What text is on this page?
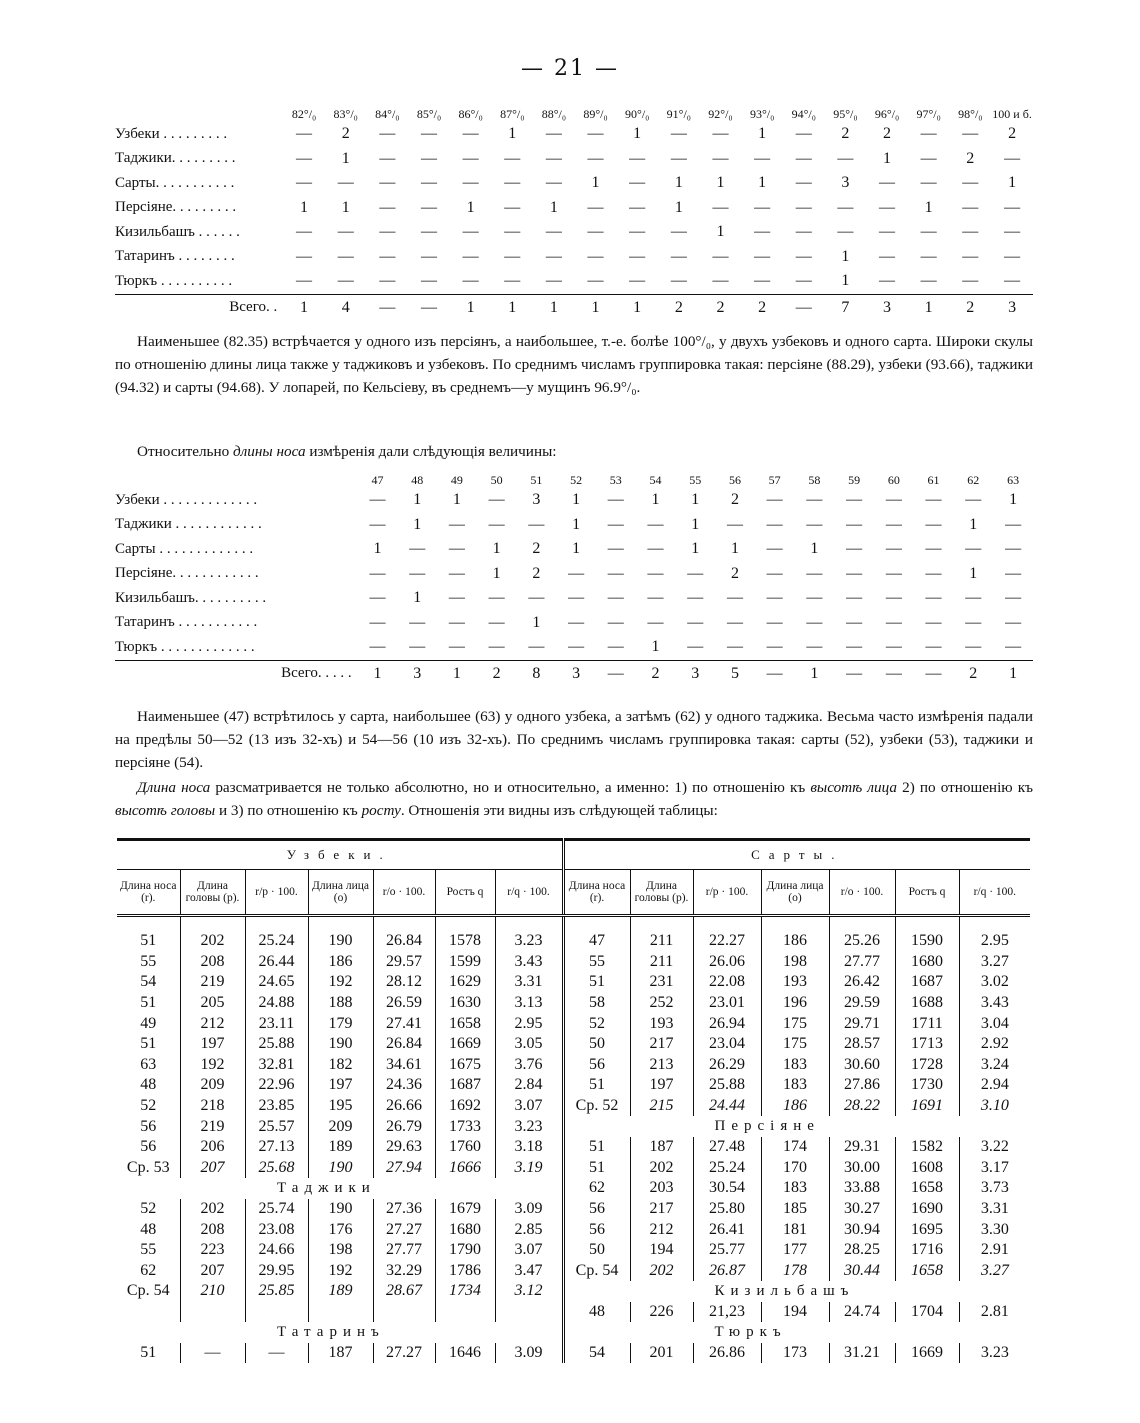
— 21 —
	82°/₀	83°/₀	84°/₀	85°/₀	86°/₀	87°/₀	88°/₀	89°/₀	90°/₀	91°/₀	92°/₀	93°/₀	94°/₀	95°/₀	96°/₀	97°/₀	98°/₀	100 и б.
Узбеки . . . . . . . . .	—	2	—	—	—	1	—	—	1	—	—	1	—	2	2	—	—	2
Таджики. . . . . . . . .	—	1	—	—	—	—	—	—	—	—	—	—	—	—	1	—	2	—
Сарты. . . . . . . . . . .	—	—	—	—	—	—	—	1	—	1	1	1	—	3	—	—	—	1
Персіяне. . . . . . . . .	1	1	—	—	1	—	1	—	—	1	—	—	—	—	—	1	—	—
Кизильбашъ . . . . . .	—	—	—	—	—	—	—	—	—	—	1	—	—	—	—	—	—	—
Татаринъ . . . . . . . .	—	—	—	—	—	—	—	—	—	—	—	—	—	1	—	—	—	—
Тюркъ . . . . . . . . . .	—	—	—	—	—	—	—	—	—	—	—	—	—	1	—	—	—	—
Всего. .	1	4	—	—	1	1	1	1	1	2	2	2	—	7	3	1	2	3
Наименьшее (82.35) встрѣчается у одного изъ персіянъ, а наибольшее, т.-е. болѣе 100°/₀, у двухъ узбековъ и одного сарта. Широки скулы по отношенію длины лица также у таджиковъ и узбековъ. По среднимъ числамъ группировка такая: персіяне (88.29), узбеки (93.66), таджики (94.32) и сарты (94.68). У лопарей, по Кельсіеву, въ среднемъ—у мущинъ 96.9°/₀.
Относительно длины носа измѣренія дали слѣдующія величины:
	47	48	49	50	51	52	53	54	55	56	57	58	59	60	61	62	63
Узбеки . . . . . . . . . . . . .	—	1	1	—	3	1	—	1	1	2	—	—	—	—	—	—	1
Таджики . . . . . . . . . . . .	—	1	—	—	—	1	—	—	1	—	—	—	—	—	—	1	—
Сарты . . . . . . . . . . . . .	1	—	—	1	2	1	—	—	1	1	—	1	—	—	—	—	—
Персіяне. . . . . . . . . . . .	—	—	—	1	2	—	—	—	—	2	—	—	—	—	—	1	—
Кизильбашъ. . . . . . . . . .	—	1	—	—	—	—	—	—	—	—	—	—	—	—	—	—	—
Татаринъ . . . . . . . . . . .	—	—	—	—	1	—	—	—	—	—	—	—	—	—	—	—	—
Тюркъ . . . . . . . . . . . . .	—	—	—	—	—	—	—	1	—	—	—	—	—	—	—	—	—
Всего. . . . .	1	3	1	2	8	3	—	2	3	5	—	1	—	—	—	2	1
Наименьшее (47) встрѣтилось у сарта, наибольшее (63) у одного узбека, а затѣмъ (62) у одного таджика. Весьма часто измѣренія падали на предѣлы 50—52 (13 изъ 32-хъ) и 54—56 (10 изъ 32-хъ). По среднимъ числамъ группировка такая: сарты (52), узбеки (53), таджики и персіяне (54).
Длина носа разсматривается не только абсолютно, но и относительно, а именно: 1) по отношенію къ высотѣ лица 2) по отношенію къ высотѣ головы и 3) по отношенію къ росту. Отношенія эти видны изъ слѣдующей таблицы:
Узбеки.							Сарты.						
Длина носа (r).	Длина головы (p).	r/p · 100.	Длина лица (o)	r/o · 100.	Ростъ q	r/q · 100.	Длина носа (r).	Длина головы (p).	r/p · 100.	Длина лица (o)	r/o · 100.	Ростъ q	r/q · 100.

51	202	25.24	190	26.84	1578	3.23	47	211	22.27	186	25.26	1590	2.95
55	208	26.44	186	29.57	1599	3.43	55	211	26.06	198	27.77	1680	3.27
54	219	24.65	192	28.12	1629	3.31	51	231	22.08	193	26.42	1687	3.02
51	205	24.88	188	26.59	1630	3.13	58	252	23.01	196	29.59	1688	3.43
49	212	23.11	179	27.41	1658	2.95	52	193	26.94	175	29.71	1711	3.04
51	197	25.88	190	26.84	1669	3.05	50	217	23.04	175	28.57	1713	2.92
63	192	32.81	182	34.61	1675	3.76	56	213	26.29	183	30.60	1728	3.24
48	209	22.96	197	24.36	1687	2.84	51	197	25.88	183	27.86	1730	2.94
52	218	23.85	195	26.66	1692	3.07	Ср. 52	215	24.44	186	28.22	1691	3.10
56	219	25.57	209	26.79	1733	3.23	Персіяне						
56	206	27.13	189	29.63	1760	3.18	51	187	27.48	174	29.31	1582	3.22
Ср. 53	207	25.68	190	27.94	1666	3.19	51	202	25.24	170	30.00	1608	3.17
Таджики							62	203	30.54	183	33.88	1658	3.73
52	202	25.74	190	27.36	1679	3.09	56	217	25.80	185	30.27	1690	3.31
48	208	23.08	176	27.27	1680	2.85	56	212	26.41	181	30.94	1695	3.30
55	223	24.66	198	27.77	1790	3.07	50	194	25.77	177	28.25	1716	2.91
62	207	29.95	192	32.29	1786	3.47	Ср. 54	202	26.87	178	30.44	1658	3.27
Ср. 54	210	25.85	189	28.67	1734	3.12	Кизильбашъ						
							48	226	21,23	194	24.74	1704	2.81
Татаринъ							Тюркъ						
51	—	—	187	27.27	1646	3.09	54	201	26.86	173	31.21	1669	3.23
